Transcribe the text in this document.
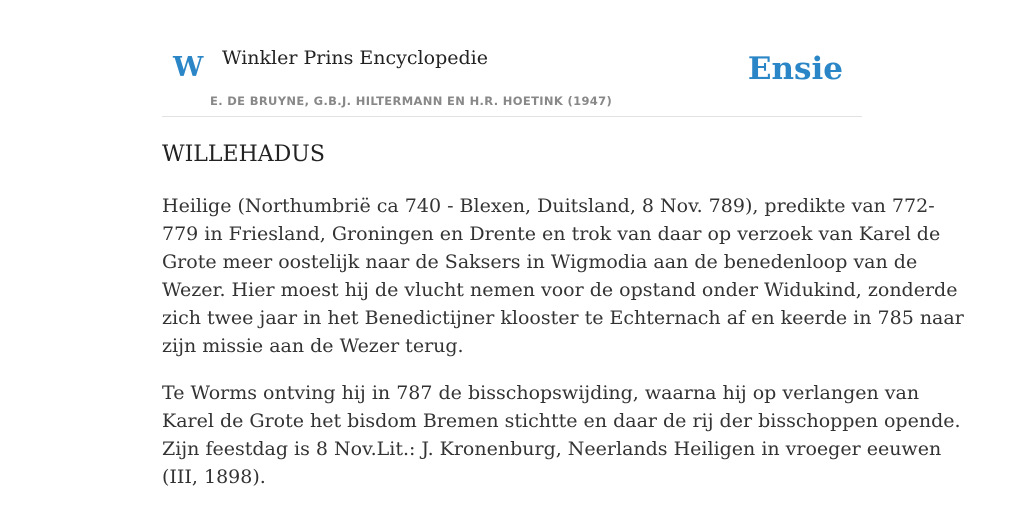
W Winkler Prins Encyclopedie
E. DE BRUYNE, G.B.J. HILTERMANN EN H.R. HOETINK (1947)
Ensie
WILLEHADUS

Heilige (Northumbrië ca 740 - Blexen, Duitsland, 8 Nov. 789), predikte van 772-
779 in Friesland, Groningen en Drente en trok van daar op verzoek van Karel de
Grote meer oostelijk naar de Saksers in Wigmodia aan de benedenloop van de
Wezer. Hier moest hij de vlucht nemen voor de opstand onder Widukind, zonderde
zich twee jaar in het Benedictijner klooster te Echternach af en keerde in 785 naar
zijn missie aan de Wezer terug.

Te Worms ontving hij in 787 de bisschopswijding, waarna hij op verlangen van
Karel de Grote het bisdom Bremen stichtte en daar de rij der bisschoppen opende.
Zijn feestdag is 8 Nov.Lit.: J. Kronenburg, Neerlands Heiligen in vroeger eeuwen
(III, 1898).
